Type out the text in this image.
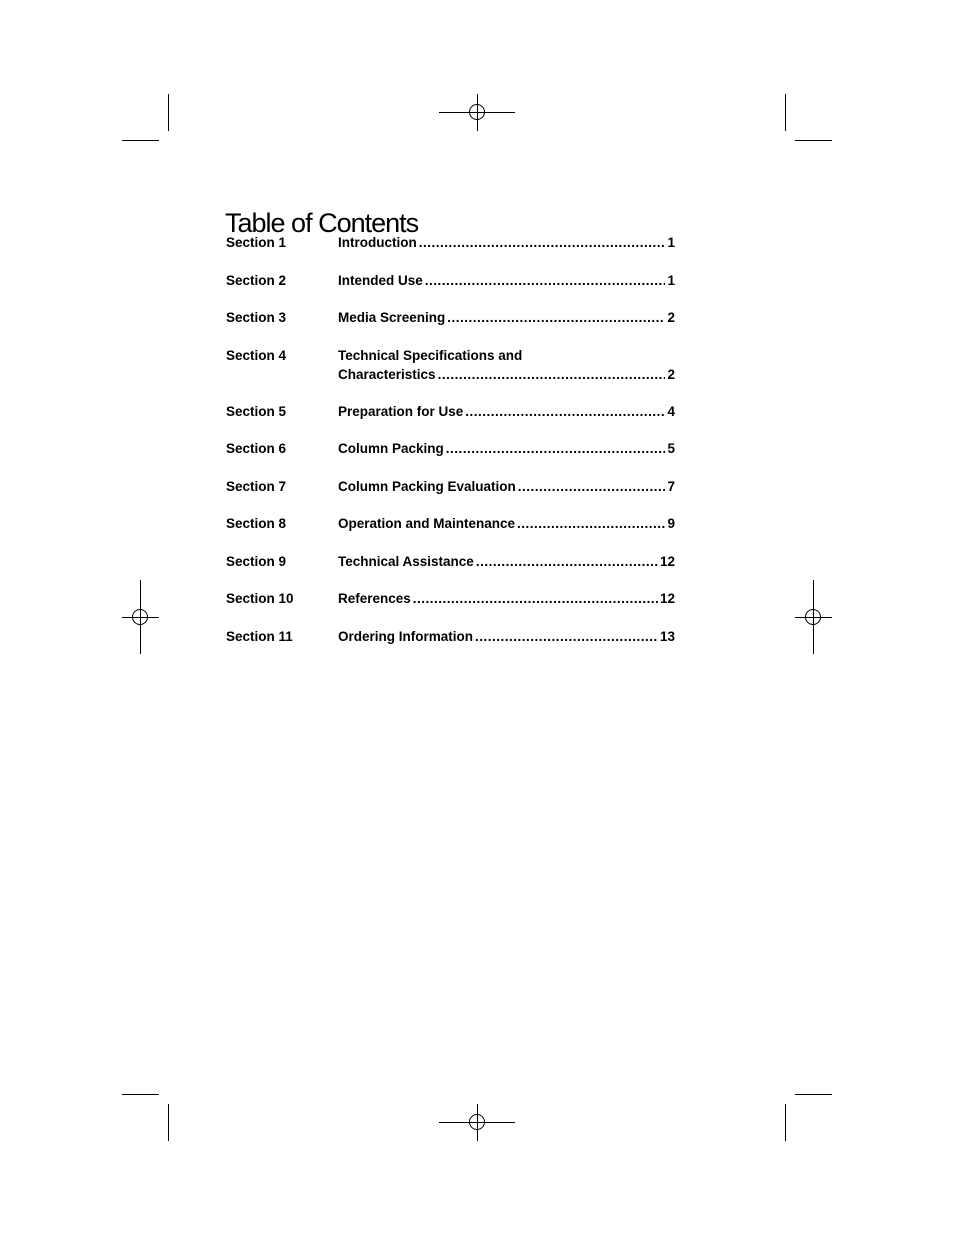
Table of Contents
Section 1	Introduction .....	1
Section 2	Intended Use .....	1
Section 3	Media Screening .....	2
Section 4	Technical Specifications and
Characteristics .....	2
Section 5	Preparation for Use .....	4
Section 6	Column Packing .....	5
Section 7	Column Packing Evaluation .....	7
Section 8	Operation and Maintenance .....	9
Section 9	Technical Assistance .....	12
Section 10	References .....	12
Section 11	Ordering Information .....	13
